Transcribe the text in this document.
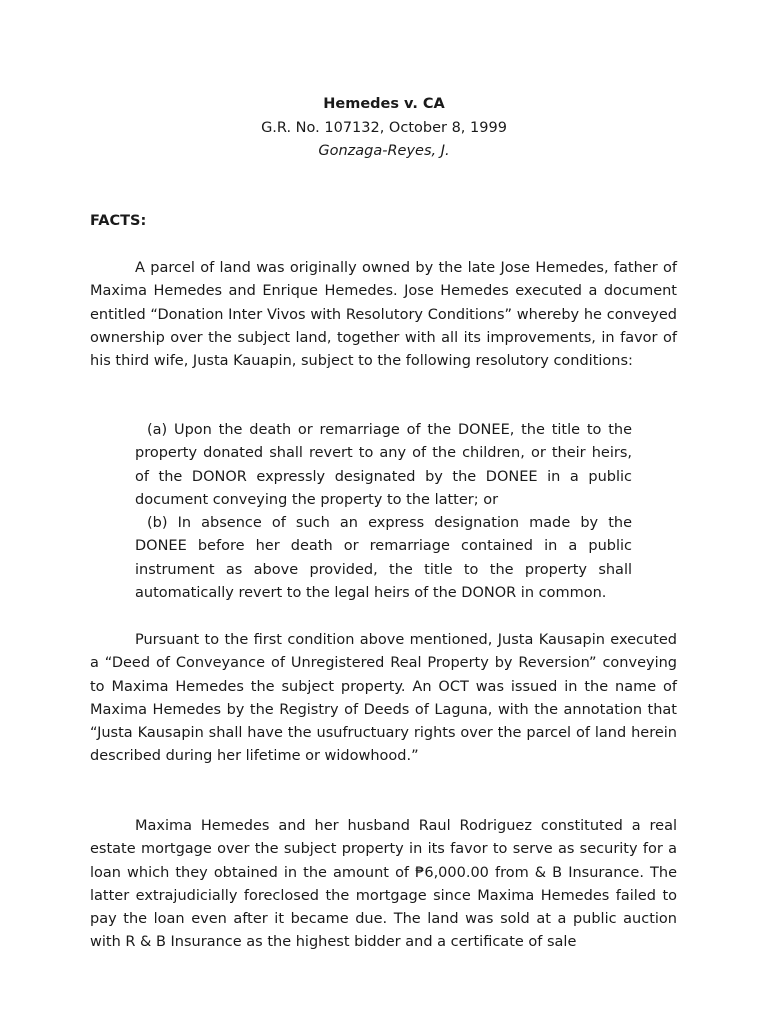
Hemedes v. CA
G.R. No. 107132, October 8, 1999
Gonzaga-Reyes, J.
FACTS:

A parcel of land was originally owned by the late Jose Hemedes, father of Maxima Hemedes and Enrique Hemedes. Jose Hemedes executed a document entitled “Donation Inter Vivos with Resolutory Conditions” whereby he conveyed ownership over the subject land, together with all its improvements, in favor of his third wife, Justa Kauapin, subject to the following resolutory conditions:

(a) Upon the death or remarriage of the DONEE, the title to the property donated shall revert to any of the children, or their heirs, of the DONOR expressly designated by the DONEE in a public document conveying the property to the latter; or
(b) In absence of such an express designation made by the DONEE before her death or remarriage contained in a public instrument as above provided, the title to the property shall automatically revert to the legal heirs of the DONOR in common.

Pursuant to the first condition above mentioned, Justa Kausapin executed a “Deed of Conveyance of Unregistered Real Property by Reversion” conveying to Maxima Hemedes the subject property. An OCT was issued in the name of Maxima Hemedes by the Registry of Deeds of Laguna, with the annotation that “Justa Kausapin shall have the usufructuary rights over the parcel of land herein described during her lifetime or widowhood.”

Maxima Hemedes and her husband Raul Rodriguez constituted a real estate mortgage over the subject property in its favor to serve as security for a loan which they obtained in the amount of ₱6,000.00 from & B Insurance. The latter extrajudicially foreclosed the mortgage since Maxima Hemedes failed to pay the loan even after it became due. The land was sold at a public auction with R & B Insurance as the highest bidder and a certificate of sale
